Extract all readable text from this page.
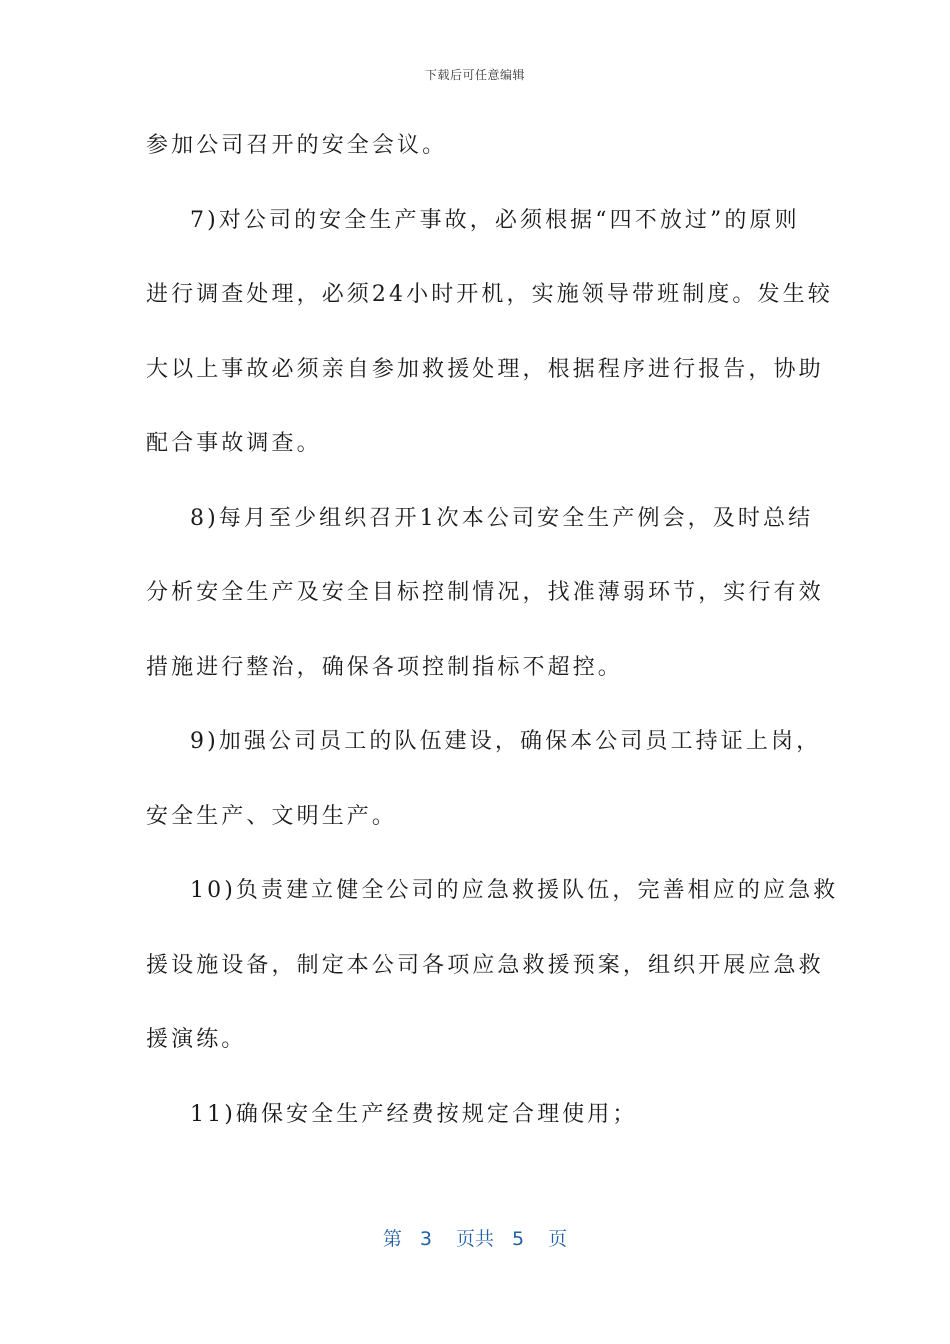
下载后可任意编辑
参加公司召开的安全会议。
7)对公司的安全生产事故，必须根据“四不放过”的原则
进行调查处理，必须24小时开机，实施领导带班制度。发生较
大以上事故必须亲自参加救援处理，根据程序进行报告，协助
配合事故调查。
8)每月至少组织召开1次本公司安全生产例会，及时总结
分析安全生产及安全目标控制情况，找准薄弱环节，实行有效
措施进行整治，确保各项控制指标不超控。
9)加强公司员工的队伍建设，确保本公司员工持证上岗，
安全生产、文明生产。
10)负责建立健全公司的应急救援队伍，完善相应的应急救
援设施设备，制定本公司各项应急救援预案，组织开展应急救
援演练。
11)确保安全生产经费按规定合理使用；
第 3 页共 5 页
